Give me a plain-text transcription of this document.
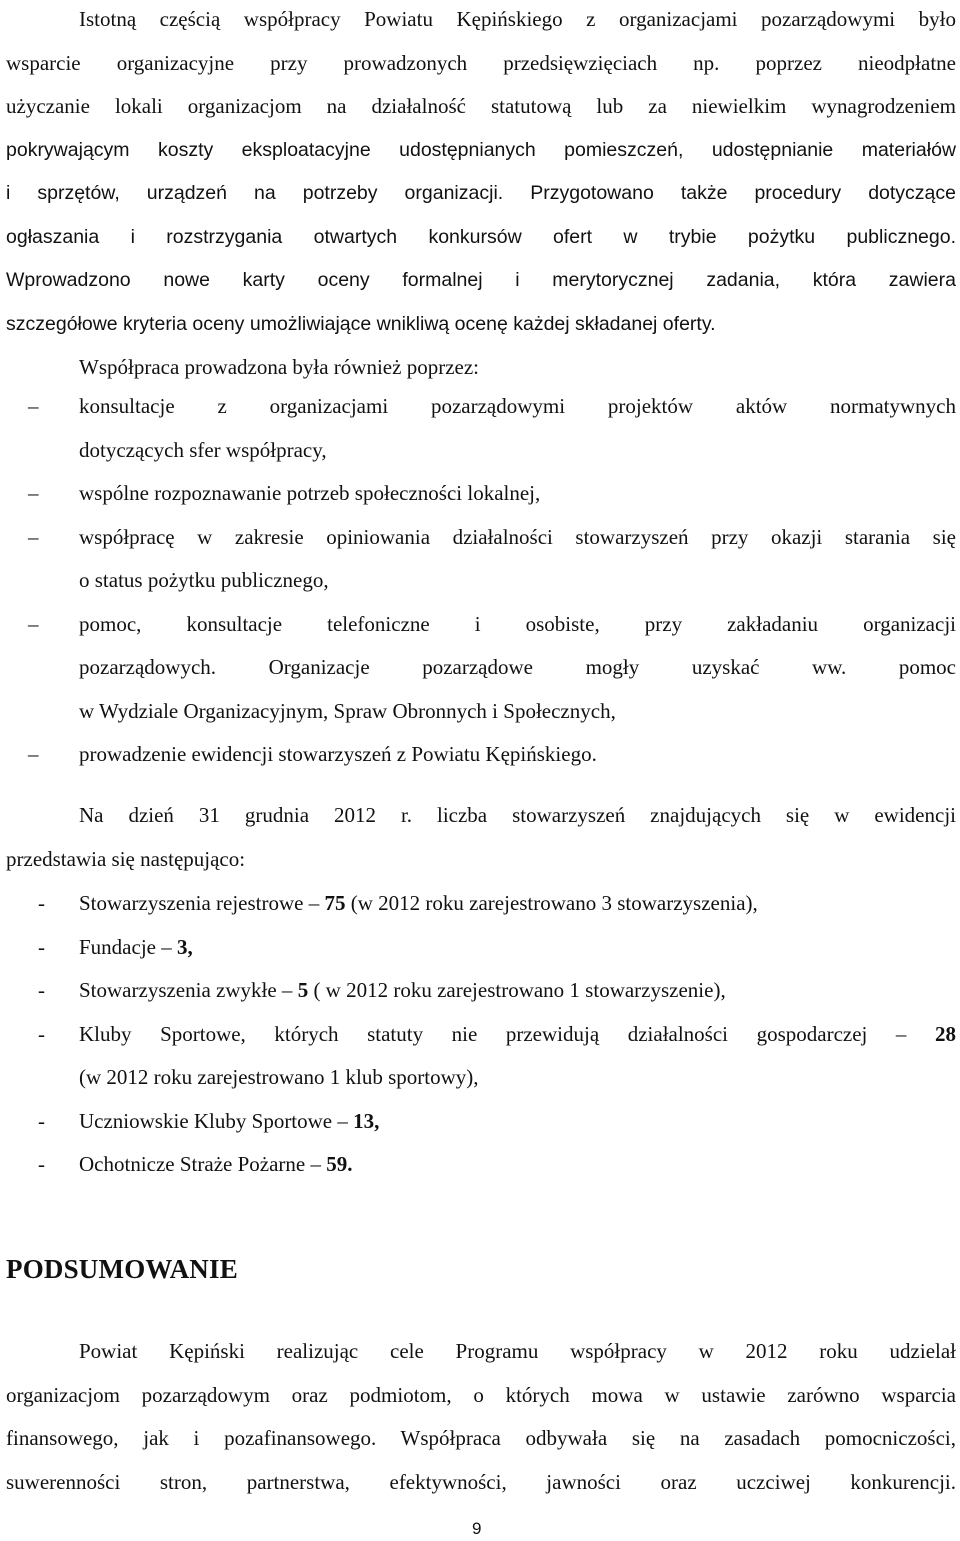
Istotną częścią współpracy Powiatu Kępińskiego z organizacjami pozarządowymi było

wsparcie organizacyjne przy prowadzonych przedsięwzięciach np. poprzez nieodpłatne

użyczanie lokali organizacjom na działalność statutową lub za niewielkim wynagrodzeniem

pokrywającym koszty eksploatacyjne udostępnianych pomieszczeń, udostępnianie materiałów

i sprzętów, urządzeń na potrzeby organizacji. Przygotowano także procedury dotyczące

ogłaszania i rozstrzygania otwartych konkursów ofert w trybie pożytku publicznego.

Wprowadzono nowe karty oceny formalnej i merytorycznej zadania, która zawiera

szczegółowe kryteria oceny umożliwiające wnikliwą ocenę każdej składanej oferty.

Współpraca prowadzona była również poprzez:

– konsultacje z organizacjami pozarządowymi projektów aktów normatywnych
dotyczących sfer współpracy,
– wspólne rozpoznawanie potrzeb społeczności lokalnej,
– współpracę w zakresie opiniowania działalności stowarzyszeń przy okazji starania się
o status pożytku publicznego,
– pomoc, konsultacje telefoniczne i osobiste, przy zakładaniu organizacji
pozarządowych. Organizacje pozarządowe mogły uzyskać ww. pomoc
w Wydziale Organizacyjnym, Spraw Obronnych i Społecznych,
– prowadzenie ewidencji stowarzyszeń z Powiatu Kępińskiego.

Na dzień 31 grudnia 2012 r. liczba stowarzyszeń znajdujących się w ewidencji

przedstawia się następująco:

- Stowarzyszenia rejestrowe – 75 (w 2012 roku zarejestrowano 3 stowarzyszenia),
- Fundacje – 3,
- Stowarzyszenia zwykłe – 5 ( w 2012 roku zarejestrowano 1 stowarzyszenie),
- Kluby Sportowe, których statuty nie przewidują działalności gospodarczej – 28
(w 2012 roku zarejestrowano 1 klub sportowy),
- Uczniowskie Kluby Sportowe – 13,
- Ochotnicze Straże Pożarne – 59.
PODSUMOWANIE

Powiat Kępiński realizując cele Programu współpracy w 2012 roku udzielał

organizacjom pozarządowym oraz podmiotom, o których mowa w ustawie zarówno wsparcia

finansowego, jak i pozafinansowego. Współpraca odbywała się na zasadach pomocniczości,

suwerenności stron, partnerstwa, efektywności, jawności oraz uczciwej konkurencji.

9
